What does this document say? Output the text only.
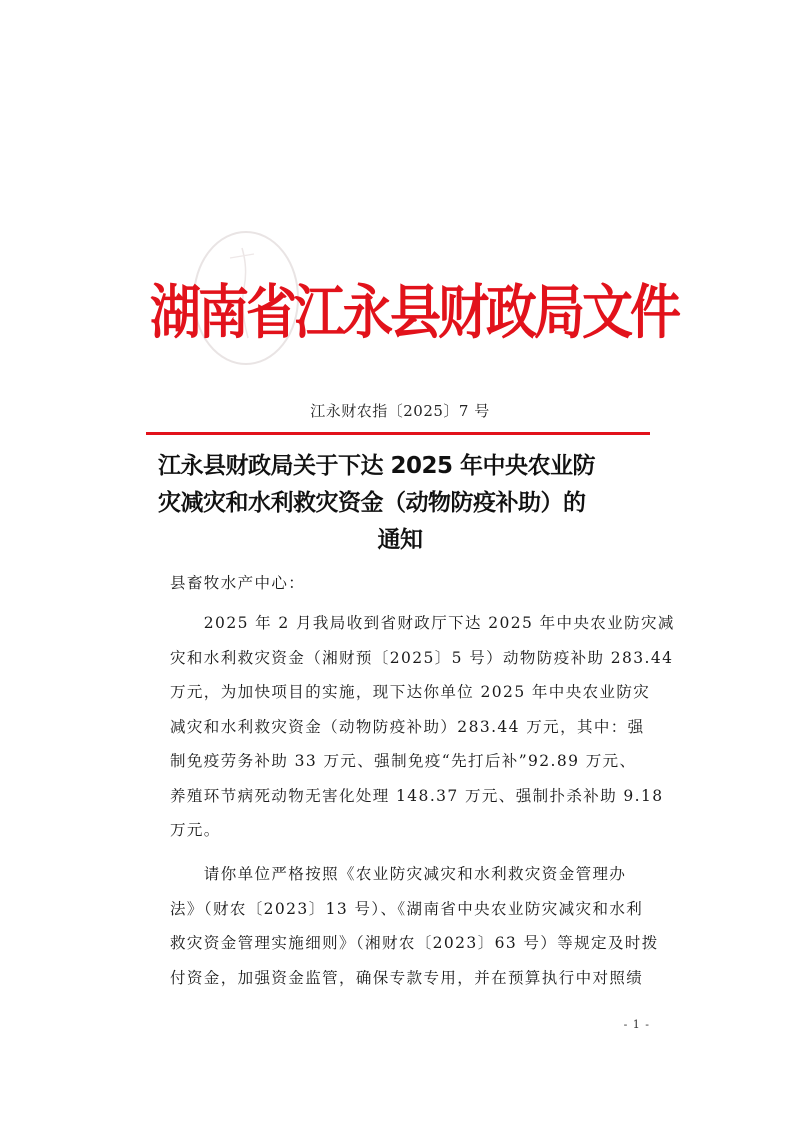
湖南省江永县财政局文件
江永财农指〔2025〕7 号
江永县财政局关于下达 2025 年中央农业防
灾减灾和水利救灾资金（动物防疫补助）的
通知
县畜牧水产中心：
　　2025 年 2 月我局收到省财政厅下达 2025 年中央农业防灾减
灾和水利救灾资金（湘财预〔2025〕5 号）动物防疫补助 283.44
万元，为加快项目的实施，现下达你单位 2025 年中央农业防灾
减灾和水利救灾资金（动物防疫补助）283.44 万元，其中：强
制免疫劳务补助 33 万元、强制免疫“先打后补”92.89 万元、
养殖环节病死动物无害化处理 148.37 万元、强制扑杀补助 9.18
万元。
　　请你单位严格按照《农业防灾减灾和水利救灾资金管理办
法》（财农〔2023〕13 号）、《湖南省中央农业防灾减灾和水利
救灾资金管理实施细则》（湘财农〔2023〕63 号）等规定及时拨
付资金，加强资金监管，确保专款专用，并在预算执行中对照绩
- 1 -
